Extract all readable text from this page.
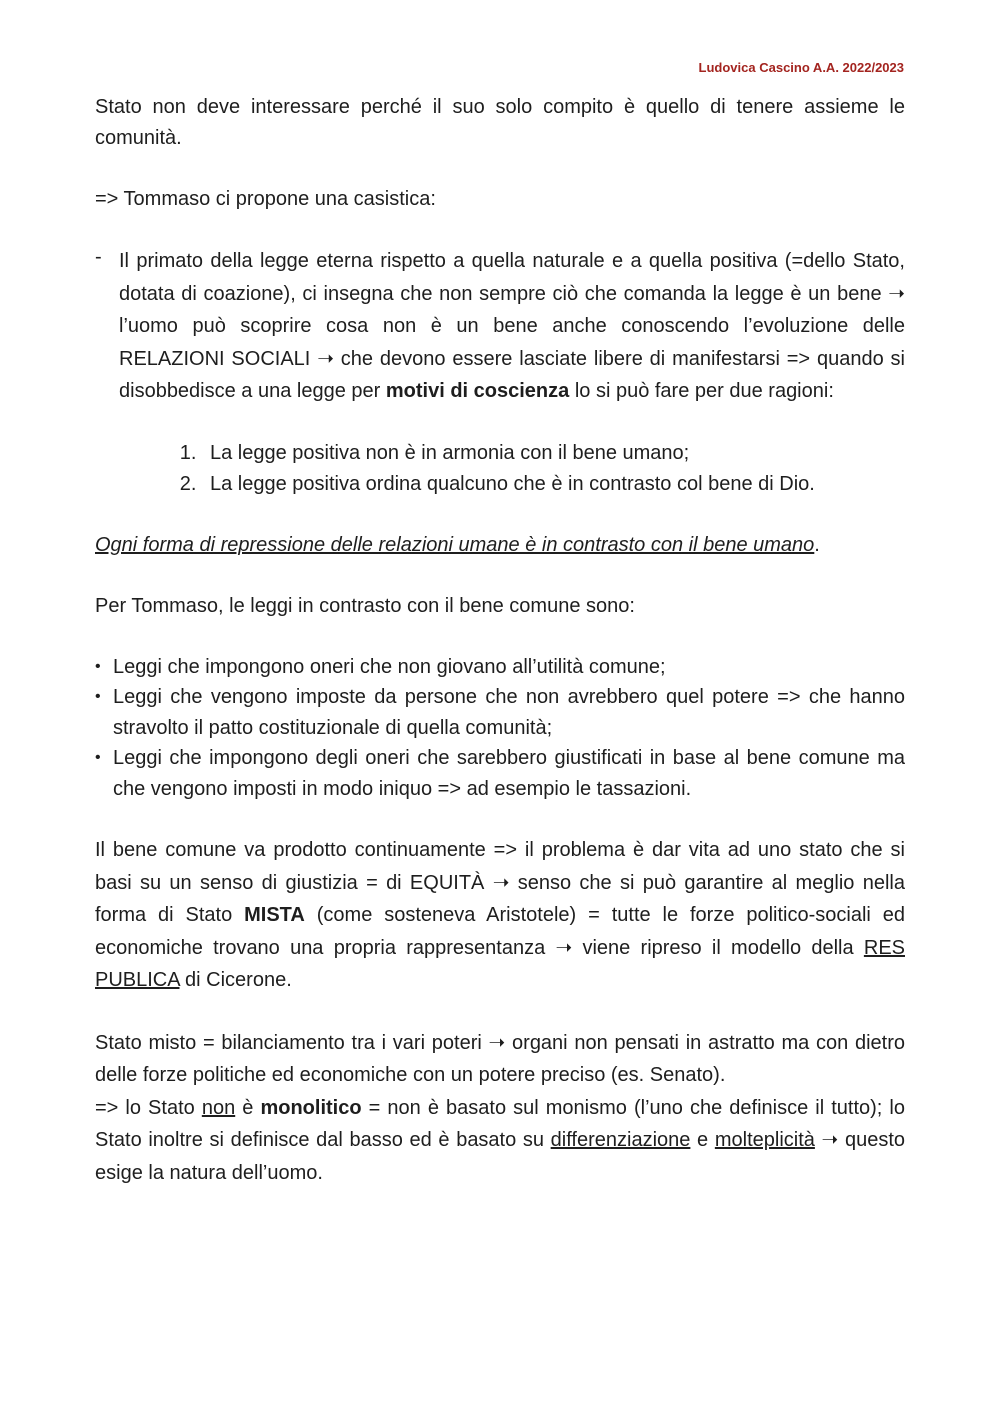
Ludovica Cascino A.A. 2022/2023

Stato non deve interessare perché il suo solo compito è quello di tenere assieme le comunità.

=> Tommaso ci propone una casistica:

- Il primato della legge eterna rispetto a quella naturale e a quella positiva (=dello Stato, dotata di coazione), ci insegna che non sempre ciò che comanda la legge è un bene ➝ l’uomo può scoprire cosa non è un bene anche conoscendo l’evoluzione delle RELAZIONI SOCIALI ➝ che devono essere lasciate libere di manifestarsi => quando si disobbedisce a una legge per motivi di coscienza lo si può fare per due ragioni:
1. La legge positiva non è in armonia con il bene umano;
2. La legge positiva ordina qualcuno che è in contrasto col bene di Dio.

Ogni forma di repressione delle relazioni umane è in contrasto con il bene umano.

Per Tommaso, le leggi in contrasto con il bene comune sono:

• Leggi che impongono oneri che non giovano all’utilità comune;
• Leggi che vengono imposte da persone che non avrebbero quel potere => che hanno stravolto il patto costituzionale di quella comunità;
• Leggi che impongono degli oneri che sarebbero giustificati in base al bene comune ma che vengono imposti in modo iniquo => ad esempio le tassazioni.

Il bene comune va prodotto continuamente => il problema è dar vita ad uno stato che si basi su un senso di giustizia = di EQUITÀ ➝ senso che si può garantire al meglio nella forma di Stato MISTA (come sosteneva Aristotele) = tutte le forze politico-sociali ed economiche trovano una propria rappresentanza ➝ viene ripreso il modello della RES PUBLICA di Cicerone.

Stato misto = bilanciamento tra i vari poteri ➝ organi non pensati in astratto ma con dietro delle forze politiche ed economiche con un potere preciso (es. Senato).
=> lo Stato non è monolitico = non è basato sul monismo (l’uno che definisce il tutto); lo Stato inoltre si definisce dal basso ed è basato su differenziazione e molteplicità ➝ questo esige la natura dell’uomo.
